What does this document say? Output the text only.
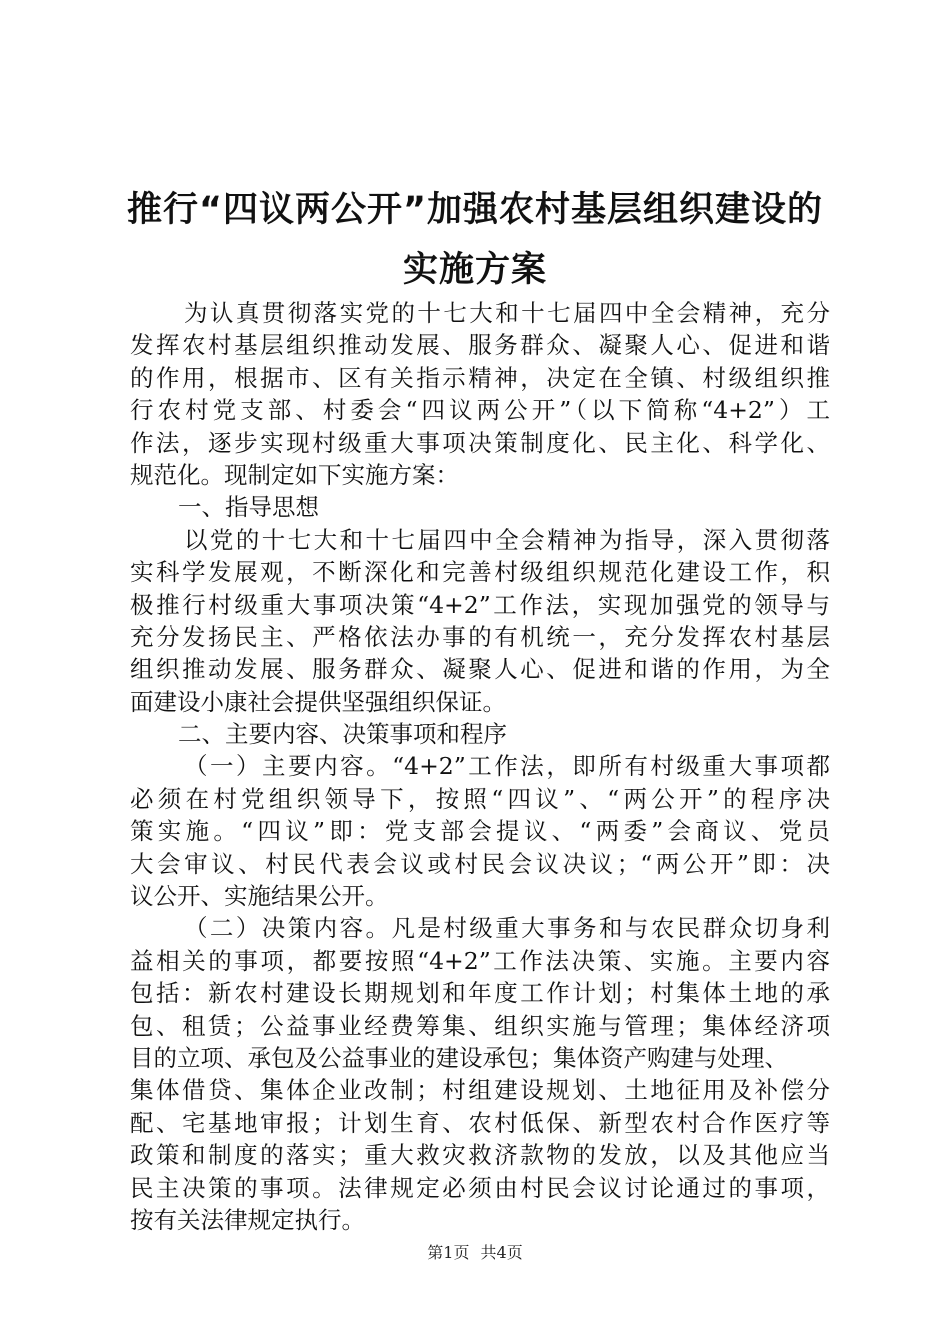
推行“四议两公开”加强农村基层组织建设的
实施方案
为认真贯彻落实党的十七大和十七届四中全会精神，充分
发挥农村基层组织推动发展、服务群众、凝聚人心、促进和谐
的作用，根据市、区有关指示精神，决定在全镇、村级组织推
行农村党支部、村委会“四议两公开”（以下简称“4+2”）工
作法，逐步实现村级重大事项决策制度化、民主化、科学化、
规范化。现制定如下实施方案：
一、指导思想
以党的十七大和十七届四中全会精神为指导，深入贯彻落
实科学发展观，不断深化和完善村级组织规范化建设工作，积
极推行村级重大事项决策“4+2”工作法，实现加强党的领导与
充分发扬民主、严格依法办事的有机统一，充分发挥农村基层
组织推动发展、服务群众、凝聚人心、促进和谐的作用，为全
面建设小康社会提供坚强组织保证。
二、主要内容、决策事项和程序
（一）主要内容。“4+2”工作法，即所有村级重大事项都
必须在村党组织领导下，按照“四议”、“两公开”的程序决
策实施。“四议”即：党支部会提议、“两委”会商议、党员
大会审议、村民代表会议或村民会议决议；“两公开”即：决
议公开、实施结果公开。
（二）决策内容。凡是村级重大事务和与农民群众切身利
益相关的事项，都要按照“4+2”工作法决策、实施。主要内容
包括：新农村建设长期规划和年度工作计划；村集体土地的承
包、租赁；公益事业经费筹集、组织实施与管理；集体经济项
目的立项、承包及公益事业的建设承包；集体资产购建与处理、
集体借贷、集体企业改制；村组建设规划、土地征用及补偿分
配、宅基地审报；计划生育、农村低保、新型农村合作医疗等
政策和制度的落实；重大救灾救济款物的发放，以及其他应当
民主决策的事项。法律规定必须由村民会议讨论通过的事项，
按有关法律规定执行。
第1页 共4页
